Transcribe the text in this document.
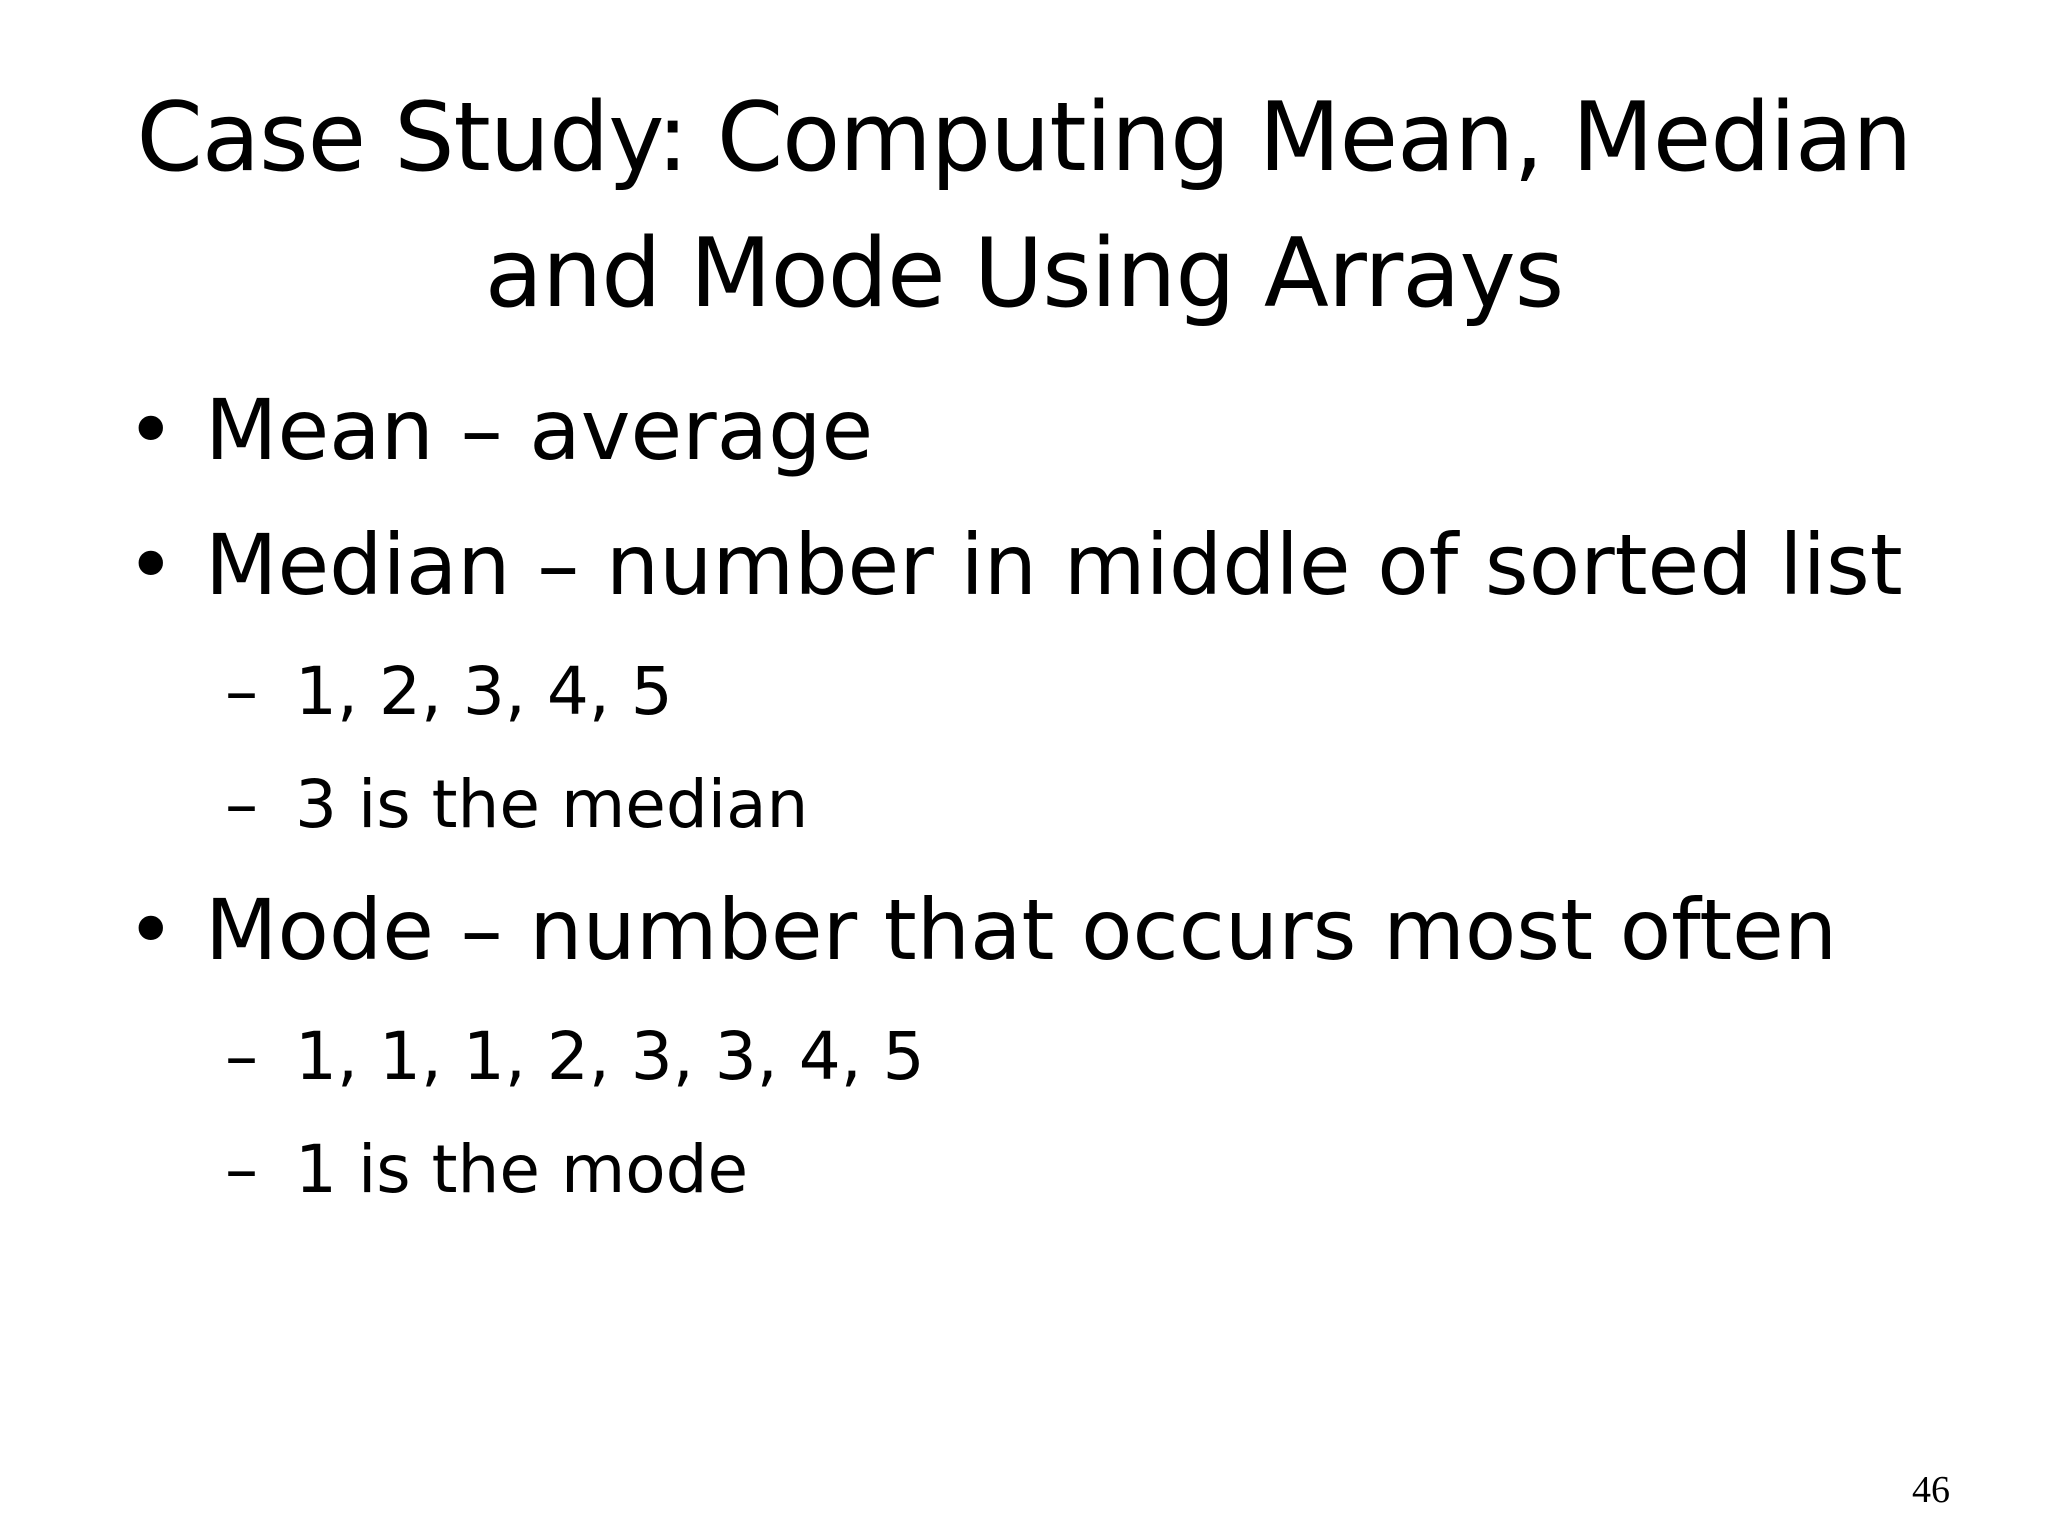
Case Study: Computing Mean, Median
and Mode Using Arrays
• Mean – average
• Median – number in middle of sorted list
– 1, 2, 3, 4, 5
– 3 is the median
• Mode – number that occurs most often
– 1, 1, 1, 2, 3, 3, 4, 5
– 1 is the mode
46
